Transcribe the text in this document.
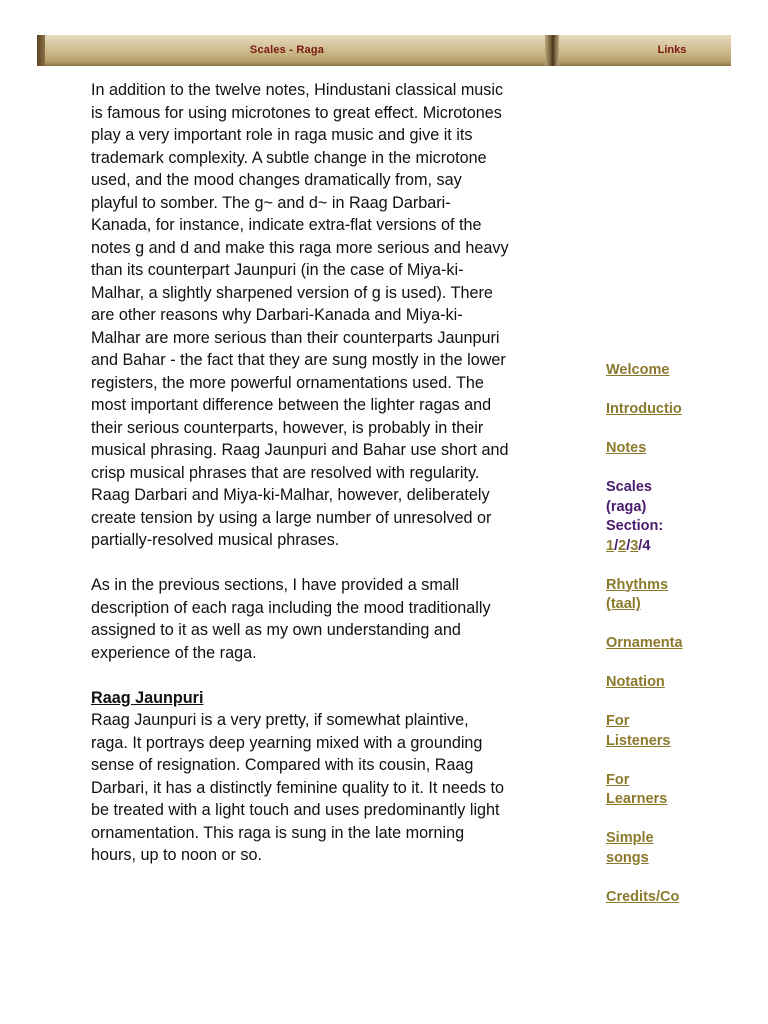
Scales - Raga	Links

In addition to the twelve notes, Hindustani classical music is famous for using microtones to great effect. Microtones play a very important role in raga music and give it its trademark complexity. A subtle change in the microtone used, and the mood changes dramatically from, say playful to somber. The g~ and d~ in Raag Darbari-Kanada, for instance, indicate extra-flat versions of the notes g and d and make this raga more serious and heavy than its counterpart Jaunpuri (in the case of Miya-ki-Malhar, a slightly sharpened version of g is used). There are other reasons why Darbari-Kanada and Miya-ki-Malhar are more serious than their counterparts Jaunpuri and Bahar - the fact that they are sung mostly in the lower registers, the more powerful ornamentations used. The most important difference between the lighter ragas and their serious counterparts, however, is probably in their musical phrasing. Raag Jaunpuri and Bahar use short and crisp musical phrases that are resolved with regularity. Raag Darbari and Miya-ki-Malhar, however, deliberately create tension by using a large number of unresolved or partially-resolved musical phrases.

As in the previous sections, I have provided a small description of each raga including the mood traditionally assigned to it as well as my own understanding and experience of the raga.

Raag Jaunpuri
Raag Jaunpuri is a very pretty, if somewhat plaintive, raga. It portrays deep yearning mixed with a grounding sense of resignation. Compared with its cousin, Raag Darbari, it has a distinctly feminine quality to it. It needs to be treated with a light touch and uses predominantly light ornamentation. This raga is sung in the late morning hours, up to noon or so.

Welcome
Introductio
Notes
Scales
(raga)
Section:
1/2/3/4
Rhythms
(taal)
Ornamenta
Notation
For
Listeners
For
Learners
Simple
songs
Credits/Co
